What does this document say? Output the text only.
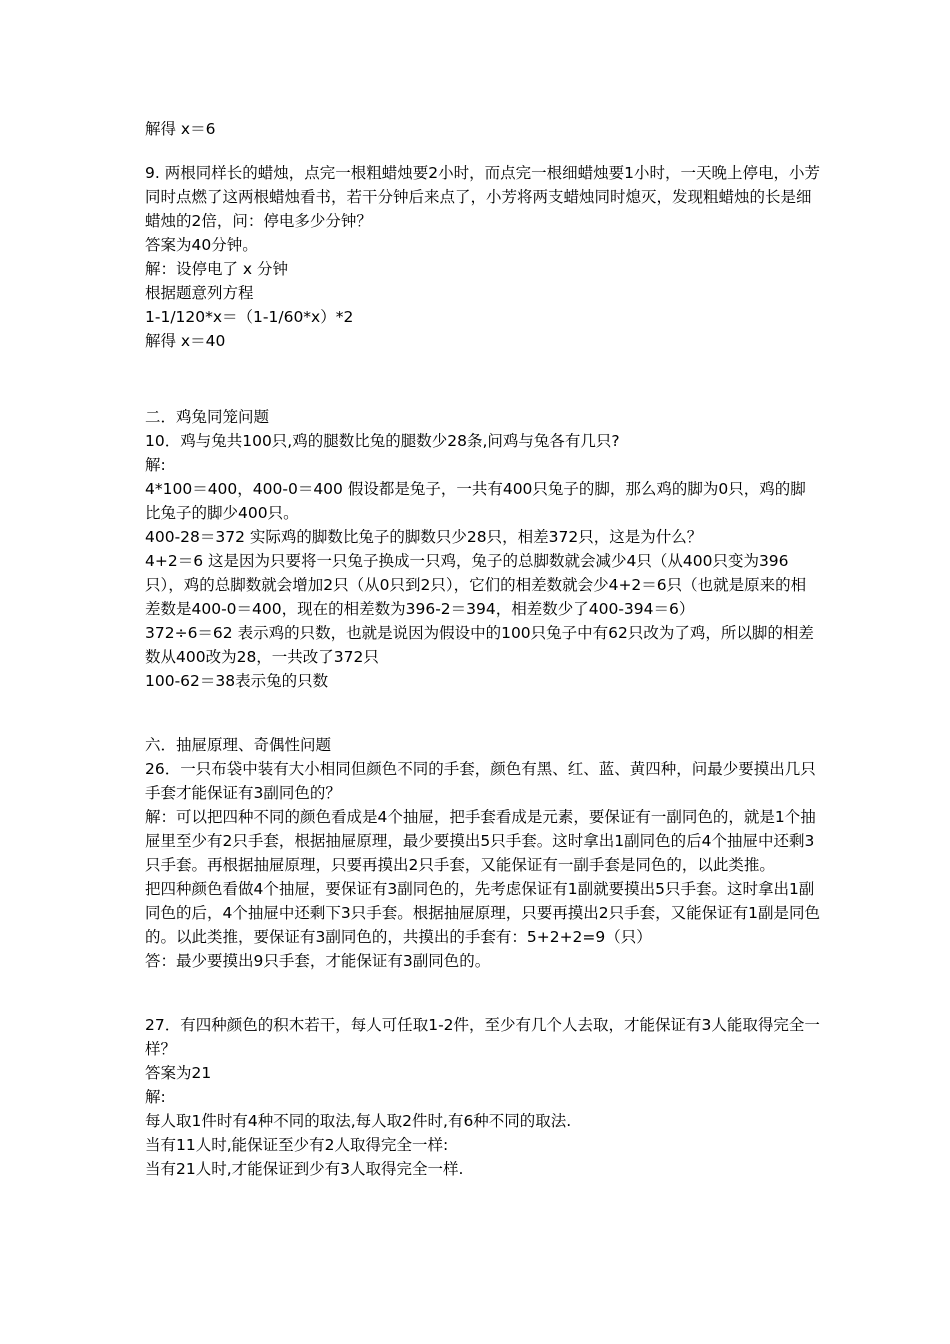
解得 x＝6
9. 两根同样长的蜡烛，点完一根粗蜡烛要2小时，而点完一根细蜡烛要1小时，一天晚上停电，小芳同时点燃了这两根蜡烛看书，若干分钟后来点了，小芳将两支蜡烛同时熄灭，发现粗蜡烛的长是细蜡烛的2倍，问：停电多少分钟？
答案为40分钟。
解：设停电了 x 分钟
根据题意列方程
1-1/120*x＝（1-1/60*x）*2
解得 x＝40
二．鸡兔同笼问题
10．鸡与兔共100只,鸡的腿数比兔的腿数少28条,问鸡与兔各有几只?
解:
4*100＝400，400-0＝400 假设都是兔子，一共有400只兔子的脚，那么鸡的脚为0只，鸡的脚比兔子的脚少400只。
400-28＝372 实际鸡的脚数比兔子的脚数只少28只，相差372只，这是为什么？
4+2＝6 这是因为只要将一只兔子换成一只鸡，兔子的总脚数就会减少4只（从400只变为396只），鸡的总脚数就会增加2只（从0只到2只），它们的相差数就会少4+2＝6只（也就是原来的相差数是400-0＝400，现在的相差数为396-2＝394，相差数少了400-394＝6）
372÷6＝62 表示鸡的只数，也就是说因为假设中的100只兔子中有62只改为了鸡，所以脚的相差数从400改为28，一共改了372只
100-62＝38表示兔的只数
六．抽屉原理、奇偶性问题
26．一只布袋中装有大小相同但颜色不同的手套，颜色有黑、红、蓝、黄四种，问最少要摸出几只手套才能保证有3副同色的？
解：可以把四种不同的颜色看成是4个抽屉，把手套看成是元素，要保证有一副同色的，就是1个抽屉里至少有2只手套，根据抽屉原理，最少要摸出5只手套。这时拿出1副同色的后4个抽屉中还剩3只手套。再根据抽屉原理，只要再摸出2只手套，又能保证有一副手套是同色的，以此类推。
把四种颜色看做4个抽屉，要保证有3副同色的，先考虑保证有1副就要摸出5只手套。这时拿出1副同色的后，4个抽屉中还剩下3只手套。根据抽屉原理，只要再摸出2只手套，又能保证有1副是同色的。以此类推，要保证有3副同色的，共摸出的手套有：5+2+2=9（只）
答：最少要摸出9只手套，才能保证有3副同色的。
27．有四种颜色的积木若干，每人可任取1-2件，至少有几个人去取，才能保证有3人能取得完全一样？
答案为21
解:
每人取1件时有4种不同的取法,每人取2件时,有6种不同的取法.
当有11人时,能保证至少有2人取得完全一样:
当有21人时,才能保证到少有3人取得完全一样.
